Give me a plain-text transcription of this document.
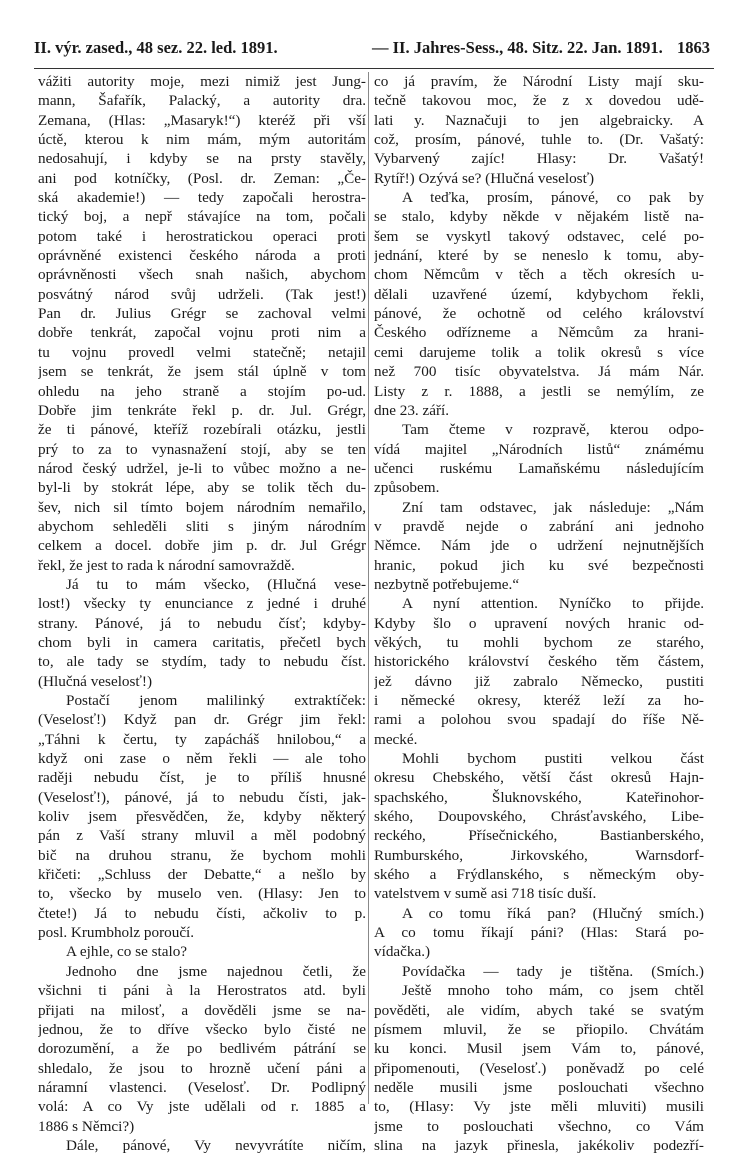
II. výr. zased., 48 sez. 22. led. 1891.	— II. Jahres-Sess., 48. Sitz. 22. Jan. 1891. 1863
vážiti autority moje, mezi nimiž jest Jung-
mann, Šafařík, Palacký, a autority dra.
Zemana, (Hlas: „Masaryk!“) kteréž při vší
úctě, kterou k nim mám, mým autoritám
nedosahují, i kdyby se na prsty stavěly,
ani pod kotníčky, (Posl. dr. Zeman: „Če-
ská akademie!) — tedy započali herostra-
tický boj, a nepř stávajíce na tom, počali
potom také i herostratickou operaci proti
oprávněné existenci českého národa a proti
oprávněnosti všech snah našich, abychom
posvátný národ svůj udrželi. (Tak jest!)
Pan dr. Julius Grégr se zachoval velmi
dobře tenkrát, započal vojnu proti nim a
tu vojnu provedl velmi statečně; netajil
jsem se tenkrát, že jsem stál úplně v tom
ohledu na jeho straně a stojím po-ud.
Dobře jim tenkráte řekl p. dr. Jul. Grégr,
že ti pánové, kteříž rozebírali otázku, jestli
prý to za to vynasnažení stojí, aby se ten
národ český udržel, je-li to vůbec možno a ne-
byl-li by stokrát lépe, aby se tolik těch du-
šev, nich sil tímto bojem národním nemařilo,
abychom sehleděli sliti s jiným národním
celkem a docel. dobře jim p. dr. Jul Grégr
řekl, že jest to rada k národní samovraždě.
Já tu to mám všecko, (Hlučná vese-
lost!) všecky ty enunciance z jedné i druhé
strany. Pánové, já to nebudu čísť; kdyby-
chom byli in camera caritatis, přečetl bych
to, ale tady se stydím, tady to nebudu číst.
(Hlučná veselosť!)
Postačí jenom malilinký extraktíček:
(Veselosť!) Když pan dr. Grégr jim řekl:
„Táhni k čertu, ty zapácháš hnilobou,“ a
když oni zase o něm řekli — ale toho
raději nebudu číst, je to příliš hnusné
(Veselosť!), pánové, já to nebudu čísti, jak-
koliv jsem přesvědčen, že, kdyby některý
pán z Vaší strany mluvil a měl podobný
bič na druhou stranu, že bychom mohli
křičeti: „Schluss der Debatte,“ a nešlo by
to, všecko by muselo ven. (Hlasy: Jen to
čtete!) Já to nebudu čísti, ačkoliv to p.
posl. Krumbholz poroučí.
A ejhle, co se stalo?
Jednoho dne jsme najednou četli, že
všichni ti páni à la Herostratos atd. byli
přijati na milosť, a dověděli jsme se na-
jednou, že to dříve všecko bylo čisté ne
dorozumění, a že po bedlivém pátrání se
shledalo, že jsou to hrozně učení páni a
náramní vlastenci. (Veselosť. Dr. Podlipný
volá: A co Vy jste udělali od r. 1885 a
1886 s Němci?)
Dále, pánové, Vy nevyvrátíte ničím,
co já pravím, že Národní Listy mají sku-
tečně takovou moc, že z x dovedou udě-
lati y. Naznačuji to jen algebraicky. A
což, prosím, pánové, tuhle to. (Dr. Vašatý:
Vybarvený zajíc! Hlasy: Dr. Vašatý!
Rytíř!) Ozývá se? (Hlučná veselosť)
A teďka, prosím, pánové, co pak by
se stalo, kdyby někde v nějakém listě na-
šem se vyskytl takový odstavec, celé po-
jednání, které by se neneslo k tomu, aby-
chom Němcům v těch a těch okresích u-
dělali uzavřené území, kdybychom řekli,
pánové, že ochotně od celého království
Českého odřízneme a Němcům za hrani-
cemi darujeme tolik a tolik okresů s více
než 700 tisíc obyvatelstva. Já mám Nár.
Listy z r. 1888, a jestli se nemýlím, ze
dne 23. září.
Tam čteme v rozpravě, kterou odpo-
vídá majitel „Národních listů“ známému
učenci ruskému Lamaňskému následujícím
způsobem.
Zní tam odstavec, jak následuje: „Nám
v pravdě nejde o zabrání ani jednoho
Němce. Nám jde o udržení nejnutnějších
hranic, pokud jich ku své bezpečnosti
nezbytně potřebujeme.“
A nyní attention. Nyníčko to přijde.
Kdyby šlo o upravení nových hranic od-
věkých, tu mohli bychom ze starého,
historického království českého těm částem,
jež dávno již zabralo Německo, pustiti
i německé okresy, kteréž leží za ho-
rami a polohou svou spadají do říše Ně-
mecké.
Mohli bychom pustiti velkou část
okresu Chebského, větší část okresů Hajn-
spachského, Šluknovského, Kateřinohor-
ského, Doupovského, Chrásťavského, Libe-
reckého, Přísečnického, Bastianberského,
Rumburského, Jirkovského, Warnsdorf-
ského a Frýdlanského, s německým oby-
vatelstvem v sumě asi 718 tisíc duší.
A co tomu říká pan? (Hlučný smích.)
A co tomu říkají páni? (Hlas: Stará po-
vídačka.)
Povídačka — tady je tištěna. (Smích.)
Ještě mnoho toho mám, co jsem chtěl
pověděti, ale vidím, abych také se svatým
písmem mluvil, že se přiopilo. Chvátám
ku konci. Musil jsem Vám to, pánové,
připomenouti, (Veselosť.) poněvadž po celé
neděle musili jsme poslouchati všechno
to, (Hlasy: Vy jste měli mluviti) musili
jsme to poslouchati všechno, co Vám
slina na jazyk přinesla, jakékoliv podezří-
